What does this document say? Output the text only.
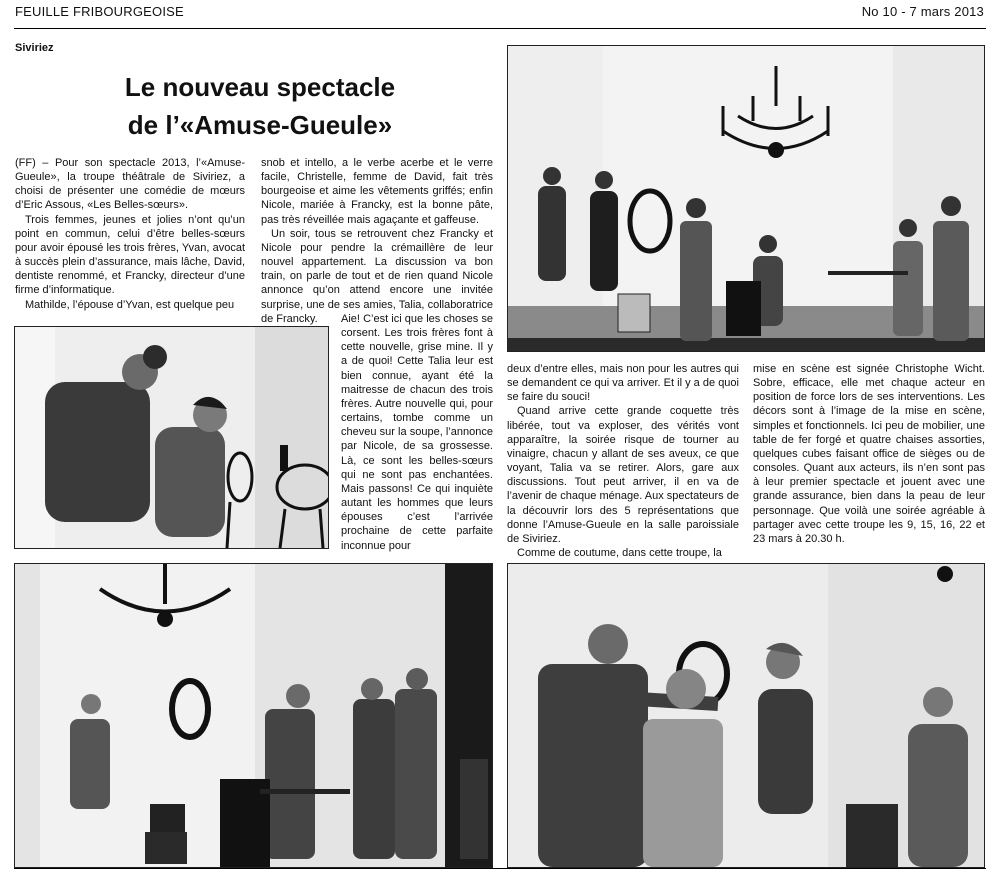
FEUILLE FRIBOURGEOISE	No 10 - 7 mars 2013
Siviriez
Le nouveau spectacle
de l’«Amuse-Gueule»

(FF) – Pour son spectacle 2013, l’«Amuse-Gueule», la troupe théâtrale de Siviriez, a choisi de présenter une comédie de mœurs d’Eric Assous, «Les Belles-sœurs».

Trois femmes, jeunes et jolies n’ont qu’un point en commun, celui d’être belles-sœurs pour avoir épousé les trois frères, Yvan, avocat à succès plein d’assurance, mais lâche, David, dentiste renommé, et Francky, directeur d’une firme d’informatique.

Mathilde, l’épouse d’Yvan, est quelque peu

snob et intello, a le verbe acerbe et le verre facile, Christelle, femme de David, fait très bourgeoise et aime les vêtements griffés; enfin Nicole, mariée à Francky, est la bonne pâte, pas très réveillée mais agaçante et gaffeuse.

Un soir, tous se retrouvent chez Francky et Nicole pour pendre la crémaillère de leur nouvel appartement. La discussion va bon train, on parle de tout et de rien quand Nicole annonce qu’on attend encore une invitée surprise, une de ses amies, Talia, collaboratrice de Francky.	Aie! C’est ici que les choses se corsent. Les trois frères font à cette nouvelle, grise mine. Il y a de quoi! Cette Talia leur est bien connue, ayant été la maitresse de chacun des trois frères. Autre nouvelle qui, pour certains, tombe comme un cheveu sur la soupe, l’annonce par Nicole, de sa grossesse. Là, ce sont les belles-sœurs qui ne sont pas enchantées. Mais passons! Ce qui inquiète autant les hommes que leurs épouses c’est l’arrivée prochaine de cette parfaite inconnue pour

deux d’entre elles, mais non pour les autres qui se demandent ce qui va arriver. Et il y a de quoi se faire du souci!

Quand arrive cette grande coquette très libérée, tout va exploser, des vérités vont apparaître, la soirée risque de tourner au vinaigre, chacun y allant de ses aveux, ce que voyant, Talia va se retirer. Alors, gare aux discussions. Tout peut arriver, il en va de l’avenir de chaque ménage. Aux spectateurs de la découvrir lors des 5 représentations que donne l’Amuse-Gueule en la salle paroissiale de Siviriez.

Comme de coutume, dans cette troupe, la

mise en scène est signée Christophe Wicht. Sobre, efficace, elle met chaque acteur en position de force lors de ses interventions. Les décors sont à l’image de la mise en scène, simples et fonctionnels. Ici peu de mobilier, une table de fer forgé et quatre chaises assorties, quelques cubes faisant office de sièges ou de consoles. Quant aux acteurs, ils n’en sont pas à leur premier spectacle et jouent avec une grande assurance, bien dans la peau de leur personnage. Que voilà une soirée agréable à partager avec cette troupe les 9, 15, 16, 22 et 23 mars à 20.30 h.
